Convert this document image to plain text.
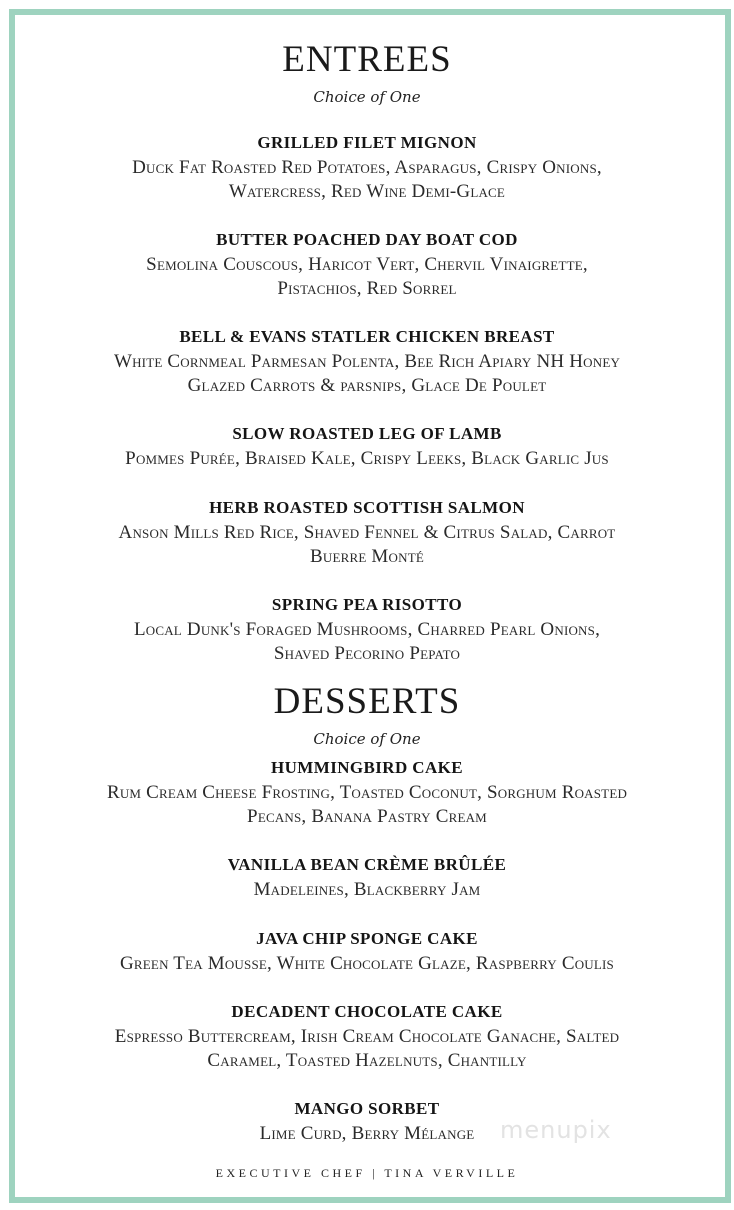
ENTREES
Choice of One
GRILLED FILET MIGNON
Duck Fat Roasted Red Potatoes, Asparagus, Crispy Onions,
Watercress, Red Wine Demi-Glace
BUTTER POACHED DAY BOAT COD
Semolina Couscous, Haricot Vert, Chervil Vinaigrette,
Pistachios, Red Sorrel
BELL & EVANS STATLER CHICKEN BREAST
White Cornmeal Parmesan Polenta, Bee Rich Apiary NH Honey
Glazed Carrots & parsnips, Glace De Poulet
SLOW ROASTED LEG OF LAMB
Pommes Purée, Braised Kale, Crispy Leeks, Black Garlic Jus
HERB ROASTED SCOTTISH SALMON
Anson Mills Red Rice, Shaved Fennel & Citrus Salad, Carrot
Buerre Monté
SPRING PEA RISOTTO
Local Dunk's Foraged Mushrooms, Charred Pearl Onions,
Shaved Pecorino Pepato
DESSERTS
Choice of One
HUMMINGBIRD CAKE
Rum Cream Cheese Frosting, Toasted Coconut, Sorghum Roasted
Pecans, Banana Pastry Cream
VANILLA BEAN CRÈME BRÛLÉE
Madeleines, Blackberry Jam
JAVA CHIP SPONGE CAKE
Green Tea Mousse, White Chocolate Glaze, Raspberry Coulis
DECADENT CHOCOLATE CAKE
Espresso Buttercream, Irish Cream Chocolate Ganache, Salted
Caramel, Toasted Hazelnuts, Chantilly
MANGO SORBET
Lime Curd, Berry Mélange	menupix
EXECUTIVE CHEF | TINA VERVILLE
